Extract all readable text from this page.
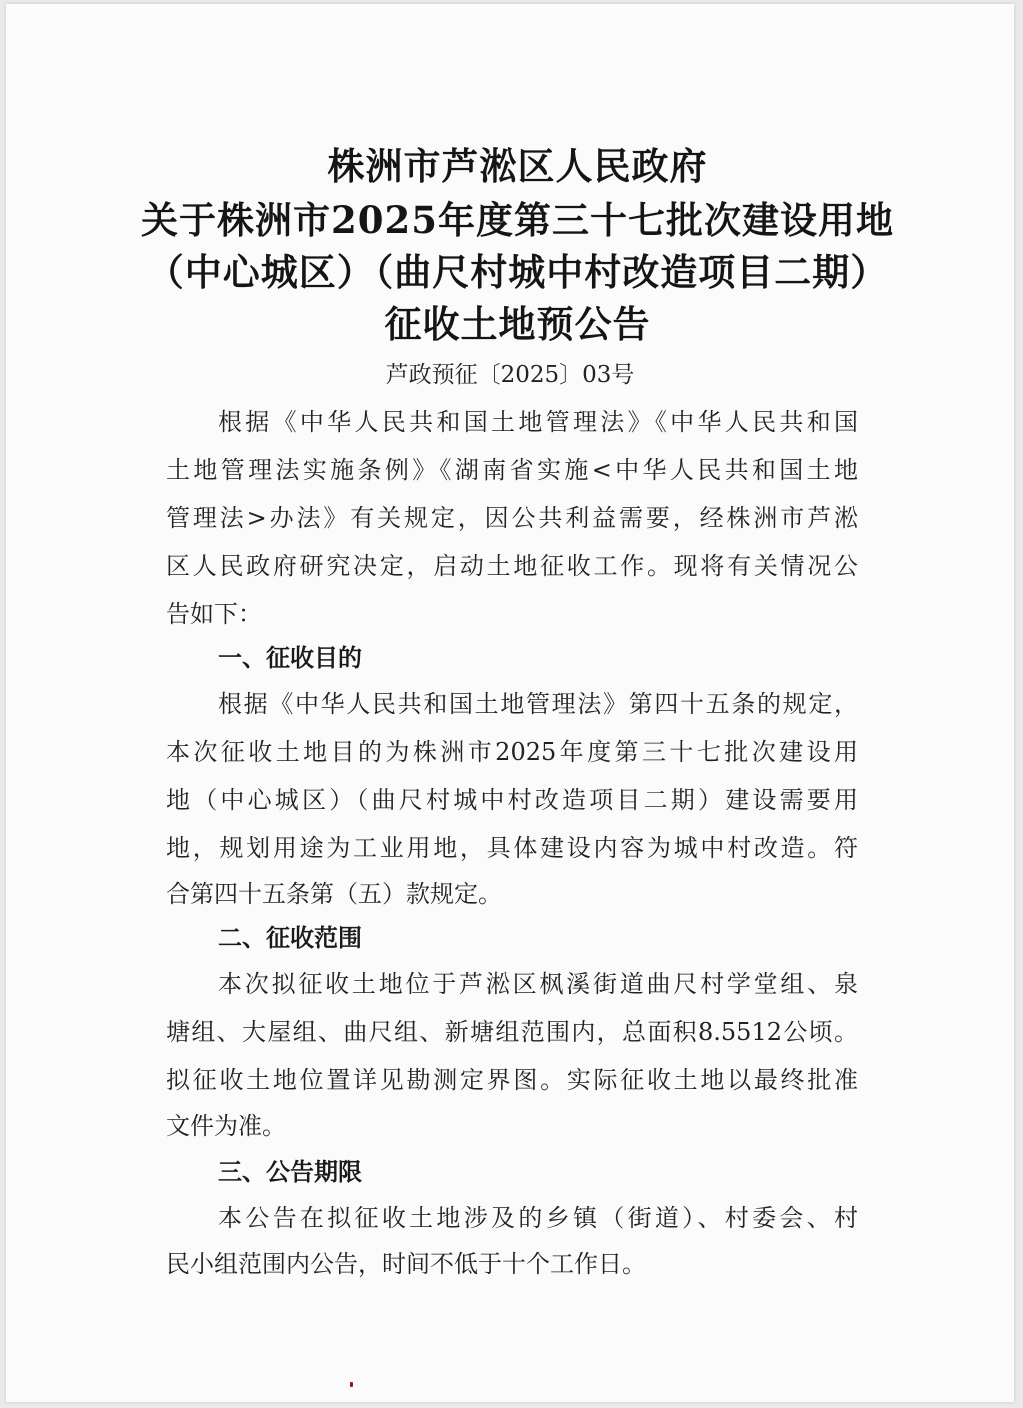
株洲市芦淞区人民政府
关于株洲市2025年度第三十七批次建设用地
（中心城区）（曲尺村城中村改造项目二期）
征收土地预公告
芦政预征〔2025〕03号
根据《中华人民共和国土地管理法》《中华人民共和国
土地管理法实施条例》《湖南省实施<中华人民共和国土地
管理法>办法》有关规定，因公共利益需要，经株洲市芦淞
区人民政府研究决定，启动土地征收工作。现将有关情况公
告如下：
一、征收目的
根据《中华人民共和国土地管理法》第四十五条的规定，
本次征收土地目的为株洲市2025年度第三十七批次建设用
地（中心城区）（曲尺村城中村改造项目二期）建设需要用
地，规划用途为工业用地，具体建设内容为城中村改造。符
合第四十五条第（五）款规定。
二、征收范围
本次拟征收土地位于芦淞区枫溪街道曲尺村学堂组、泉
塘组、大屋组、曲尺组、新塘组范围内，总面积8.5512公顷。
拟征收土地位置详见勘测定界图。实际征收土地以最终批准
文件为准。
三、公告期限
本公告在拟征收土地涉及的乡镇（街道）、村委会、村
民小组范围内公告，时间不低于十个工作日。
